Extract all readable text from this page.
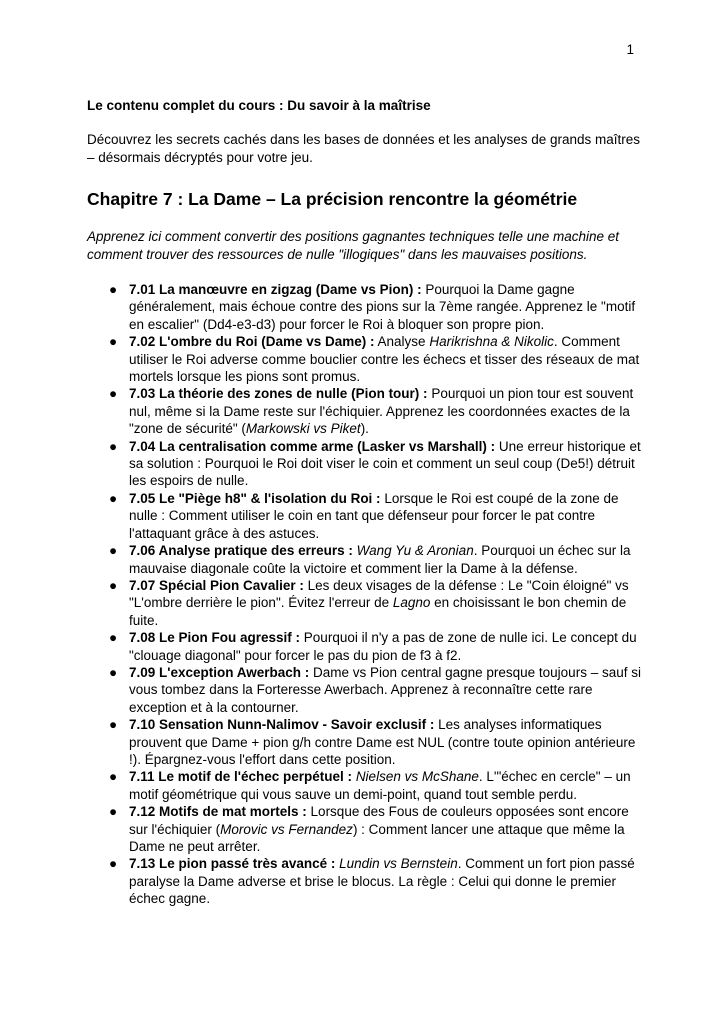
1

Le contenu complet du cours : Du savoir à la maîtrise

Découvrez les secrets cachés dans les bases de données et les analyses de grands maîtres – désormais décryptés pour votre jeu.

Chapitre 7 : La Dame – La précision rencontre la géométrie

Apprenez ici comment convertir des positions gagnantes techniques telle une machine et comment trouver des ressources de nulle "illogiques" dans les mauvaises positions.

● 7.01 La manœuvre en zigzag (Dame vs Pion) : Pourquoi la Dame gagne généralement, mais échoue contre des pions sur la 7ème rangée. Apprenez le "motif en escalier" (Dd4-e3-d3) pour forcer le Roi à bloquer son propre pion.
● 7.02 L'ombre du Roi (Dame vs Dame) : Analyse Harikrishna & Nikolic. Comment utiliser le Roi adverse comme bouclier contre les échecs et tisser des réseaux de mat mortels lorsque les pions sont promus.
● 7.03 La théorie des zones de nulle (Pion tour) : Pourquoi un pion tour est souvent nul, même si la Dame reste sur l'échiquier. Apprenez les coordonnées exactes de la "zone de sécurité" (Markowski vs Piket).
● 7.04 La centralisation comme arme (Lasker vs Marshall) : Une erreur historique et sa solution : Pourquoi le Roi doit viser le coin et comment un seul coup (De5!) détruit les espoirs de nulle.
● 7.05 Le "Piège h8" & l'isolation du Roi : Lorsque le Roi est coupé de la zone de nulle : Comment utiliser le coin en tant que défenseur pour forcer le pat contre l'attaquant grâce à des astuces.
● 7.06 Analyse pratique des erreurs : Wang Yu & Aronian. Pourquoi un échec sur la mauvaise diagonale coûte la victoire et comment lier la Dame à la défense.
● 7.07 Spécial Pion Cavalier : Les deux visages de la défense : Le "Coin éloigné" vs "L'ombre derrière le pion". Évitez l'erreur de Lagno en choisissant le bon chemin de fuite.
● 7.08 Le Pion Fou agressif : Pourquoi il n'y a pas de zone de nulle ici. Le concept du "clouage diagonal" pour forcer le pas du pion de f3 à f2.
● 7.09 L'exception Awerbach : Dame vs Pion central gagne presque toujours – sauf si vous tombez dans la Forteresse Awerbach. Apprenez à reconnaître cette rare exception et à la contourner.
● 7.10 Sensation Nunn-Nalimov - Savoir exclusif : Les analyses informatiques prouvent que Dame + pion g/h contre Dame est NUL (contre toute opinion antérieure !). Épargnez-vous l'effort dans cette position.
● 7.11 Le motif de l'échec perpétuel : Nielsen vs McShane. L'"échec en cercle" – un motif géométrique qui vous sauve un demi-point, quand tout semble perdu.
● 7.12 Motifs de mat mortels : Lorsque des Fous de couleurs opposées sont encore sur l'échiquier (Morovic vs Fernandez) : Comment lancer une attaque que même la Dame ne peut arrêter.
● 7.13 Le pion passé très avancé : Lundin vs Bernstein. Comment un fort pion passé paralyse la Dame adverse et brise le blocus. La règle : Celui qui donne le premier échec gagne.
